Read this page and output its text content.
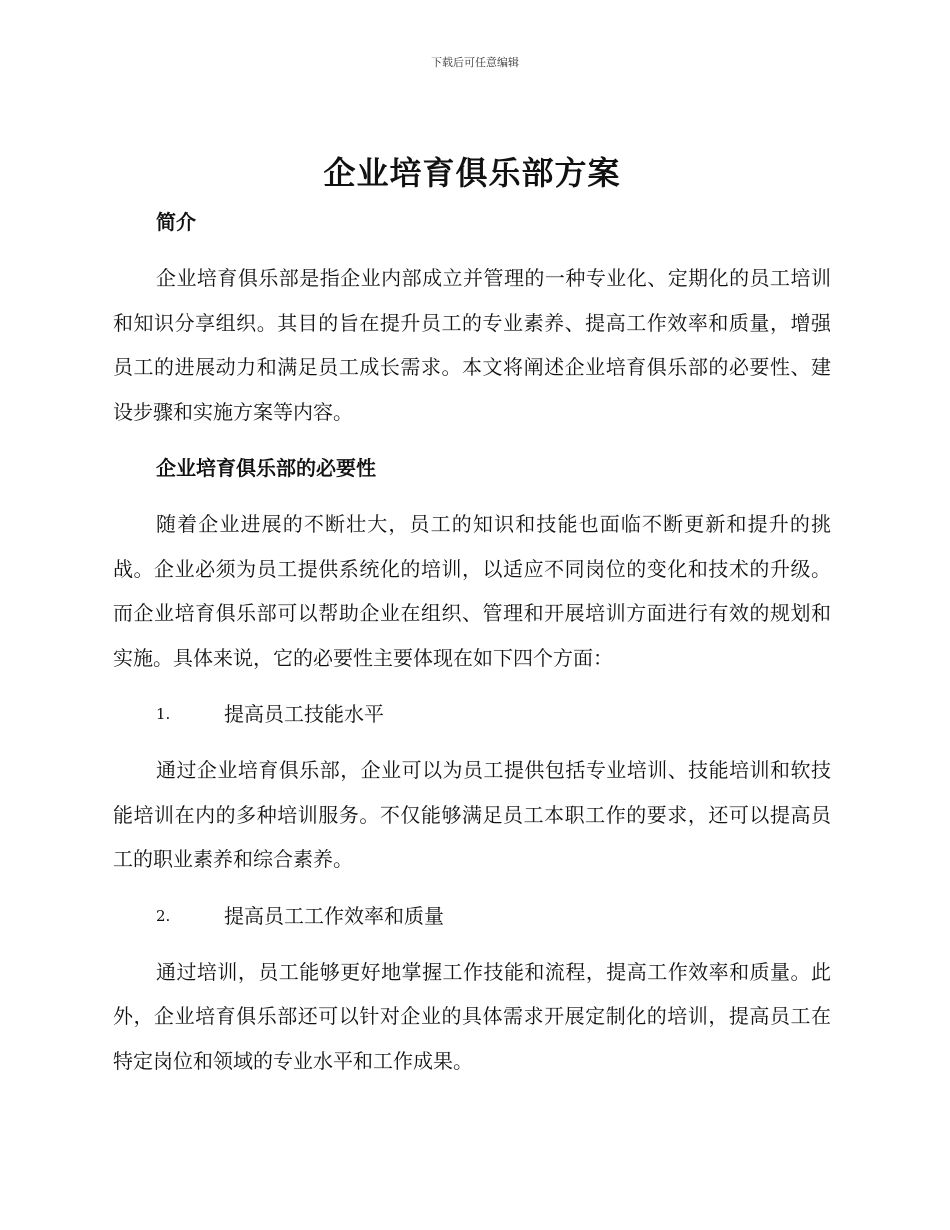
下载后可任意编辑
企业培育俱乐部方案
简介

企业培育俱乐部是指企业内部成立并管理的一种专业化、定期化的员工培训和知识分享组织。其目的旨在提升员工的专业素养、提高工作效率和质量，增强员工的进展动力和满足员工成长需求。本文将阐述企业培育俱乐部的必要性、建设步骤和实施方案等内容。

企业培育俱乐部的必要性

随着企业进展的不断壮大，员工的知识和技能也面临不断更新和提升的挑战。企业必须为员工提供系统化的培训，以适应不同岗位的变化和技术的升级。而企业培育俱乐部可以帮助企业在组织、管理和开展培训方面进行有效的规划和实施。具体来说，它的必要性主要体现在如下四个方面：

1.	提高员工技能水平

通过企业培育俱乐部，企业可以为员工提供包括专业培训、技能培训和软技能培训在内的多种培训服务。不仅能够满足员工本职工作的要求，还可以提高员工的职业素养和综合素养。

2.	提高员工工作效率和质量

通过培训，员工能够更好地掌握工作技能和流程，提高工作效率和质量。此外，企业培育俱乐部还可以针对企业的具体需求开展定制化的培训，提高员工在特定岗位和领域的专业水平和工作成果。
